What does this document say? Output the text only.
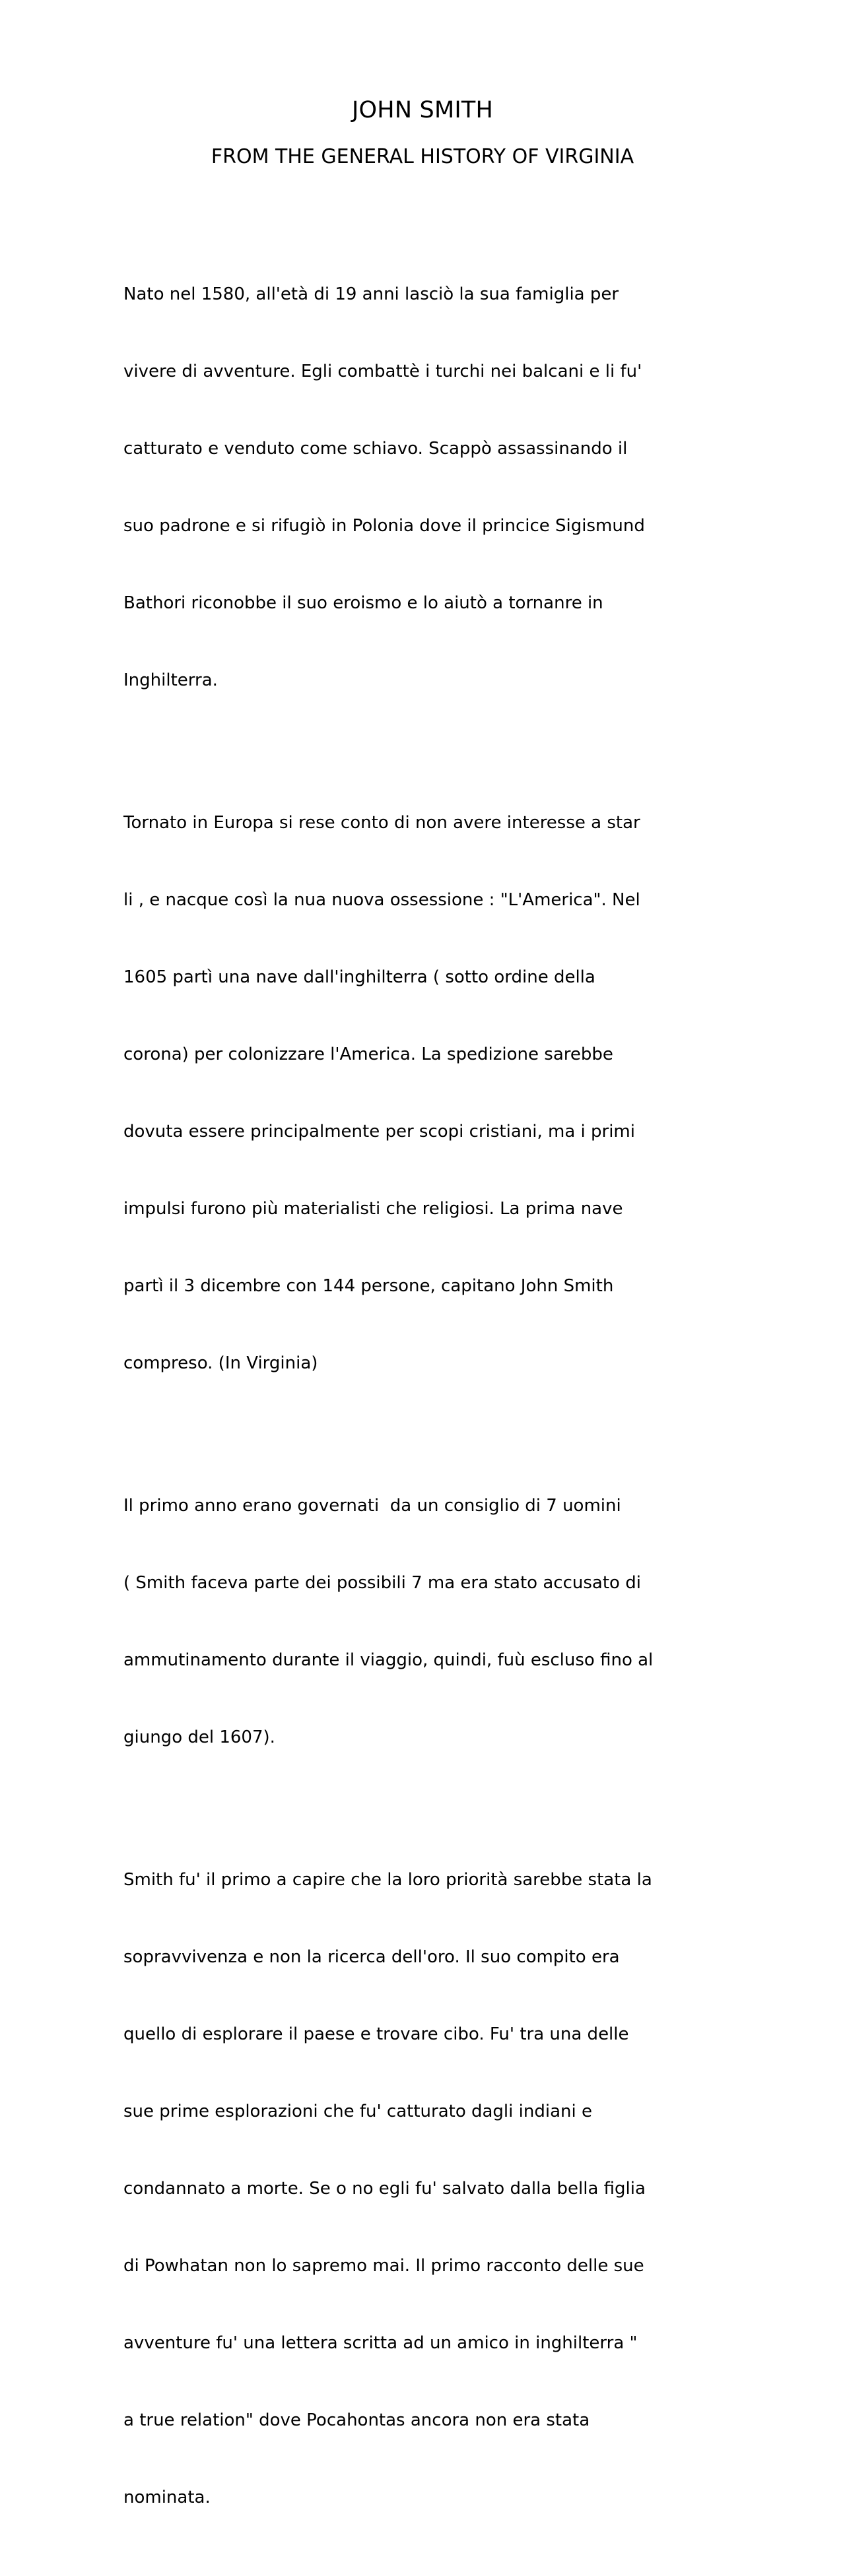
JOHN SMITH
FROM THE GENERAL HISTORY OF VIRGINIA

Nato nel 1580, all'età di 19 anni lasciò la sua famiglia per

vivere di avventure. Egli combattè i turchi nei balcani e li fu'

catturato e venduto come schiavo. Scappò assassinando il

suo padrone e si rifugiò in Polonia dove il princice Sigismund

Bathori riconobbe il suo eroismo e lo aiutò a tornanre in

Inghilterra.

Tornato in Europa si rese conto di non avere interesse a star

li , e nacque così la nua nuova ossessione : "L'America". Nel

1605 partì una nave dall'inghilterra ( sotto ordine della

corona) per colonizzare l'America. La spedizione sarebbe

dovuta essere principalmente per scopi cristiani, ma i primi

impulsi furono più materialisti che religiosi. La prima nave

partì il 3 dicembre con 144 persone, capitano John Smith

compreso. (In Virginia)

Il primo anno erano governati  da un consiglio di 7 uomini

( Smith faceva parte dei possibili 7 ma era stato accusato di

ammutinamento durante il viaggio, quindi, fuù escluso fino al

giungo del 1607).

Smith fu' il primo a capire che la loro priorità sarebbe stata la

sopravvivenza e non la ricerca dell'oro. Il suo compito era

quello di esplorare il paese e trovare cibo. Fu' tra una delle

sue prime esplorazioni che fu' catturato dagli indiani e

condannato a morte. Se o no egli fu' salvato dalla bella figlia

di Powhatan non lo sapremo mai. Il primo racconto delle sue

avventure fu' una lettera scritta ad un amico in inghilterra "

a true relation" dove Pocahontas ancora non era stata

nominata.
